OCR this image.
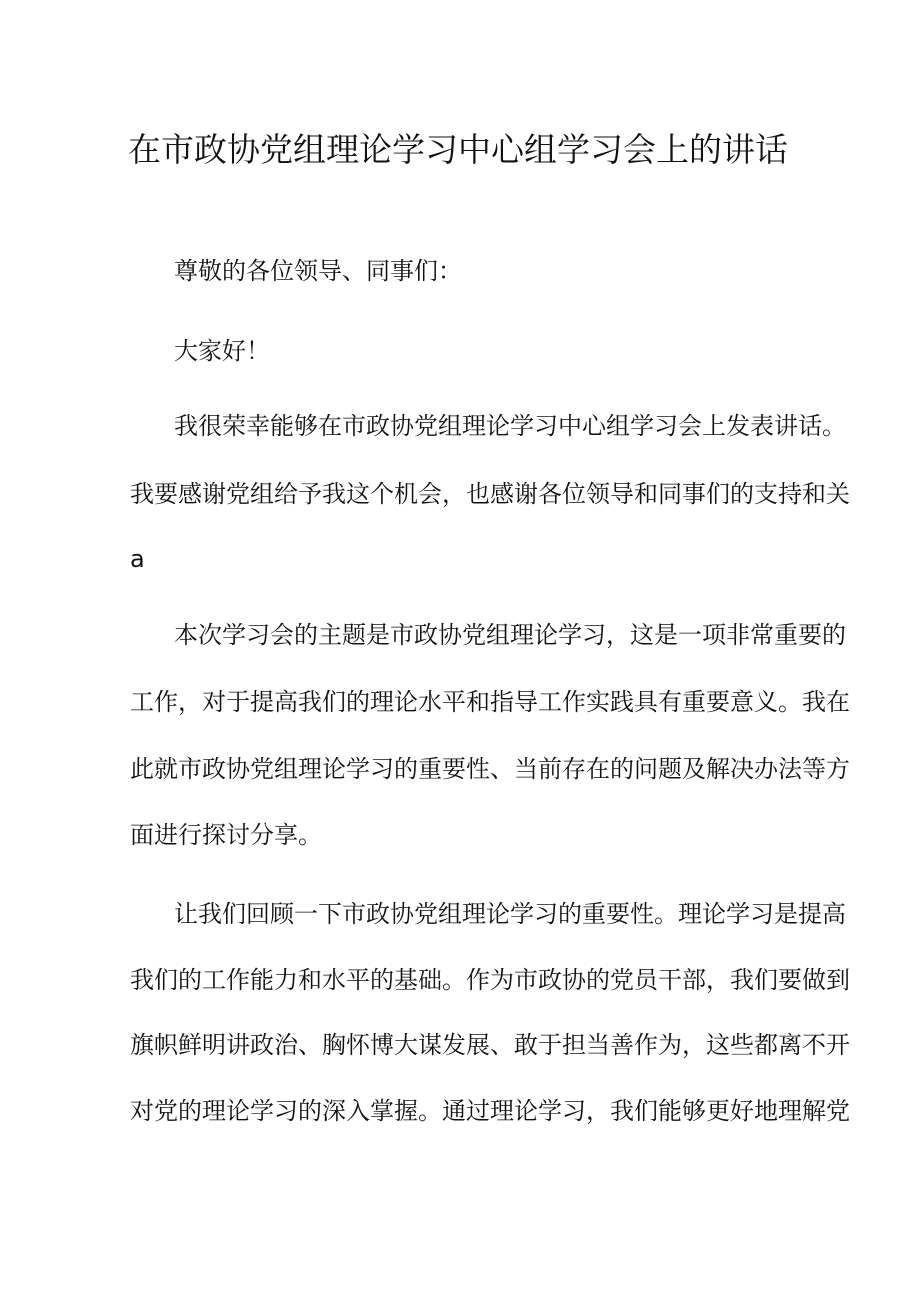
在市政协党组理论学习中心组学习会上的讲话

尊敬的各位领导、同事们：

大家好！

我很荣幸能够在市政协党组理论学习中心组学习会上发表讲话。

我要感谢党组给予我这个机会，也感谢各位领导和同事们的支持和关

a

本次学习会的主题是市政协党组理论学习，这是一项非常重要的

工作，对于提高我们的理论水平和指导工作实践具有重要意义。我在

此就市政协党组理论学习的重要性、当前存在的问题及解决办法等方

面进行探讨分享。

让我们回顾一下市政协党组理论学习的重要性。理论学习是提高

我们的工作能力和水平的基础。作为市政协的党员干部，我们要做到

旗帜鲜明讲政治、胸怀博大谋发展、敢于担当善作为，这些都离不开

对党的理论学习的深入掌握。通过理论学习，我们能够更好地理解党
